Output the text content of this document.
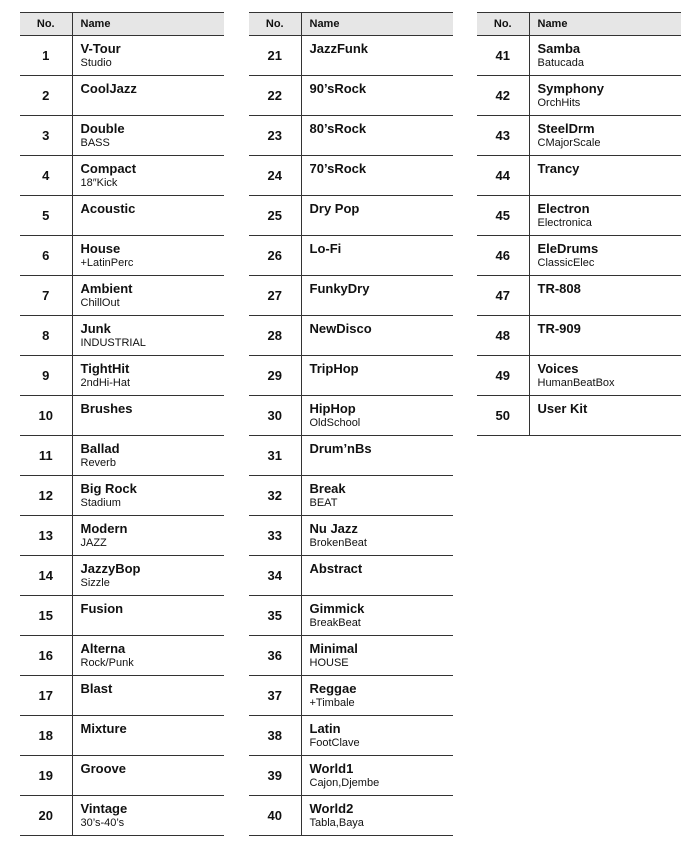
No.	Name
1	V-Tour
Studio

2	CoolJazz

3	Double
BASS

4	Compact
18″Kick

5	Acoustic

6	House
+LatinPerc

7	Ambient
ChillOut

8	Junk
INDUSTRIAL

9	TightHit
2ndHi-Hat

10	Brushes

11	Ballad
Reverb

12	Big Rock
Stadium

13	Modern
JAZZ

14	JazzyBop
Sizzle

15	Fusion

16	Alterna
Rock/Punk

17	Blast

18	Mixture

19	Groove

20	Vintage
30’s-40’s
No.	Name
21	JazzFunk

22	90’sRock

23	80’sRock

24	70’sRock

25	Dry Pop

26	Lo-Fi

27	FunkyDry

28	NewDisco

29	TripHop

30	HipHop
OldSchool

31	Drum’nBs

32	Break
BEAT

33	Nu Jazz
BrokenBeat

34	Abstract

35	Gimmick
BreakBeat

36	Minimal
HOUSE

37	Reggae
+Timbale

38	Latin
FootClave

39	World1
Cajon,Djembe

40	World2
Tabla,Baya
No.	Name
41	Samba
Batucada

42	Symphony
OrchHits

43	SteelDrm
CMajorScale

44	Trancy

45	Electron
Electronica

46	EleDrums
ClassicElec

47	TR-808

48	TR-909

49	Voices
HumanBeatBox

50	User Kit
